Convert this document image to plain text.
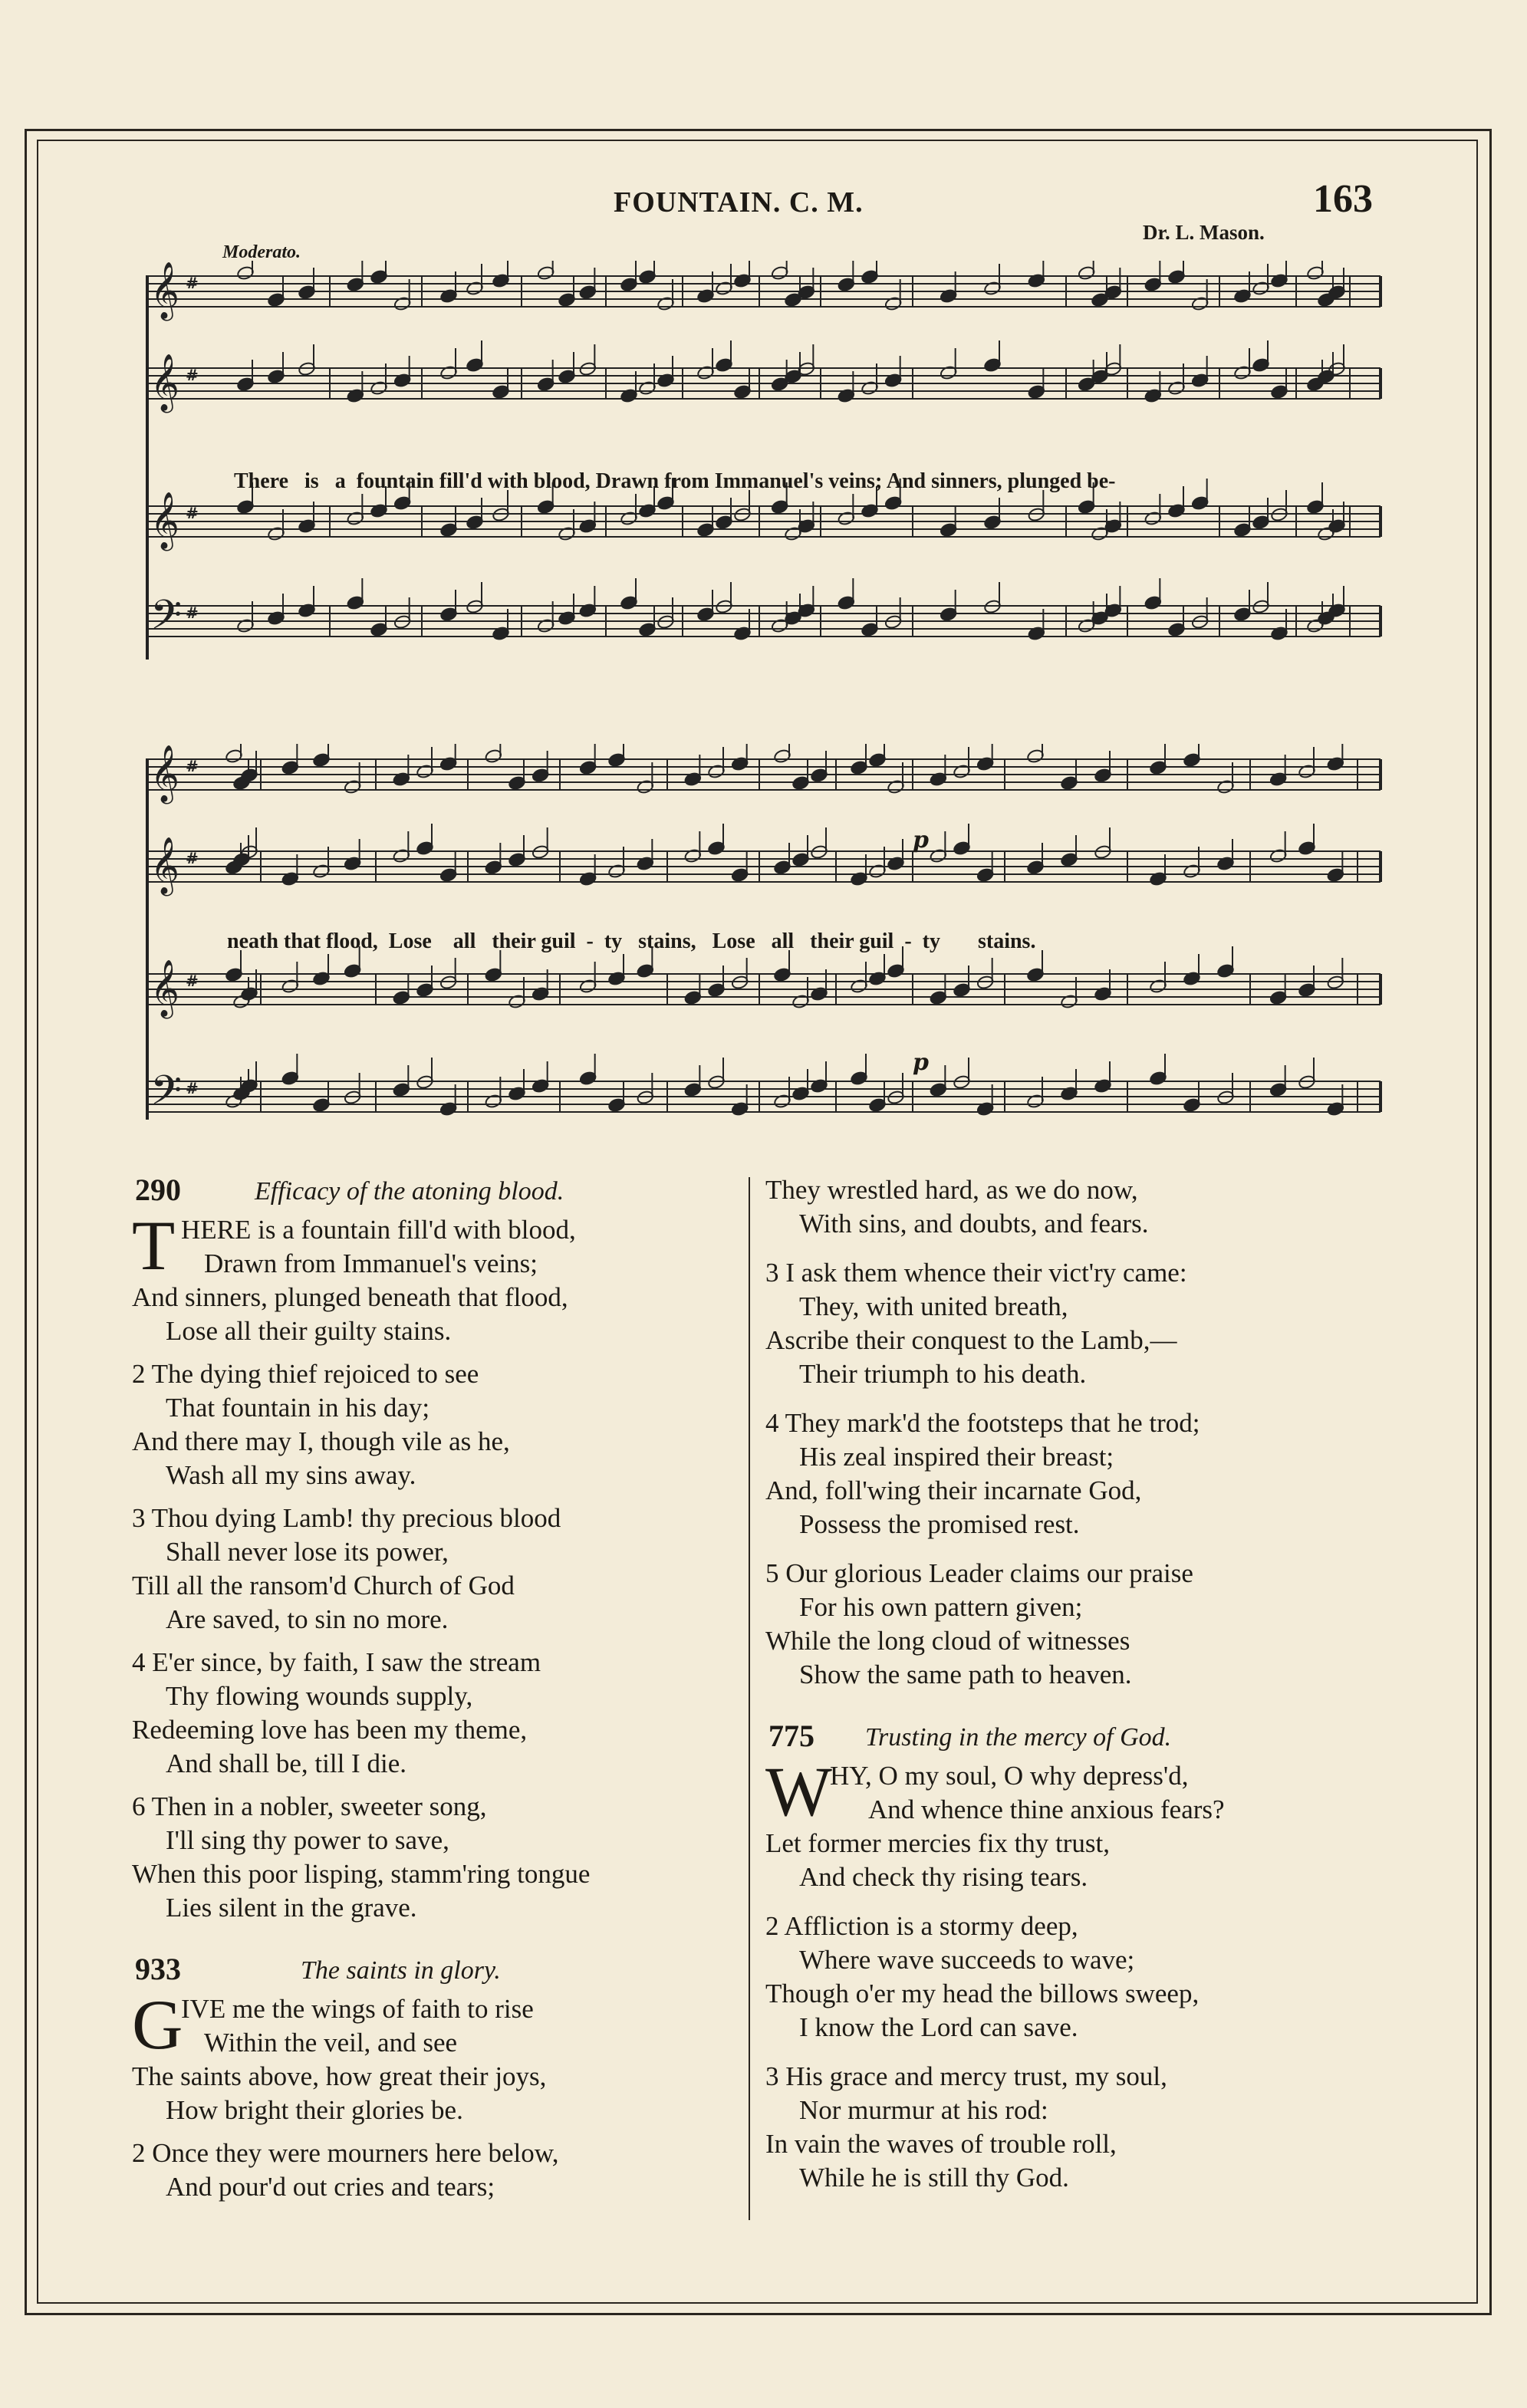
FOUNTAIN. C. M.	163
Dr. L. Mason.
Moderato.
𝄞 #
𝄞 #
𝄞 #
𝄢 #
There   is   a  fountain fill'd with blood, Drawn from Immanuel's veins; And sinners, plunged be-
𝄞 #
𝄞 #
𝄞 #
𝄢 #
neath that flood,  Lose    all   their guil  -  ty   stains,   Lose   all   their guil  -  ty       stains.
p
p
290	Efficacy of the atoning blood.
T HERE is a fountain fill'd with blood,
Drawn from Immanuel's veins;
And sinners, plunged beneath that flood,
Lose all their guilty stains.
2 The dying thief rejoiced to see
That fountain in his day;
And there may I, though vile as he,
Wash all my sins away.
3 Thou dying Lamb! thy precious blood
Shall never lose its power,
Till all the ransom'd Church of God
Are saved, to sin no more.
4 E'er since, by faith, I saw the stream
Thy flowing wounds supply,
Redeeming love has been my theme,
And shall be, till I die.
6 Then in a nobler, sweeter song,
I'll sing thy power to save,
When this poor lisping, stamm'ring tongue
Lies silent in the grave.
933	The saints in glory.
G
IVE me the wings of faith to rise
Within the veil, and see
The saints above, how great their joys,
How bright their glories be.
2 Once they were mourners here below,
And pour'd out cries and tears;
They wrestled hard, as we do now,
With sins, and doubts, and fears.
3 I ask them whence their vict'ry came:
They, with united breath,
Ascribe their conquest to the Lamb,—
Their triumph to his death.
4 They mark'd the footsteps that he trod;
His zeal inspired their breast;
And, foll'wing their incarnate God,
Possess the promised rest.
5 Our glorious Leader claims our praise
For his own pattern given;
While the long cloud of witnesses
Show the same path to heaven.
775 Trusting in the mercy of God.
W
HY, O my soul, O why depress'd,
And whence thine anxious fears?
Let former mercies fix thy trust,
And check thy rising tears.
2 Affliction is a stormy deep,
Where wave succeeds to wave;
Though o'er my head the billows sweep,
I know the Lord can save.
3 His grace and mercy trust, my soul,
Nor murmur at his rod:
In vain the waves of trouble roll,
While he is still thy God.
